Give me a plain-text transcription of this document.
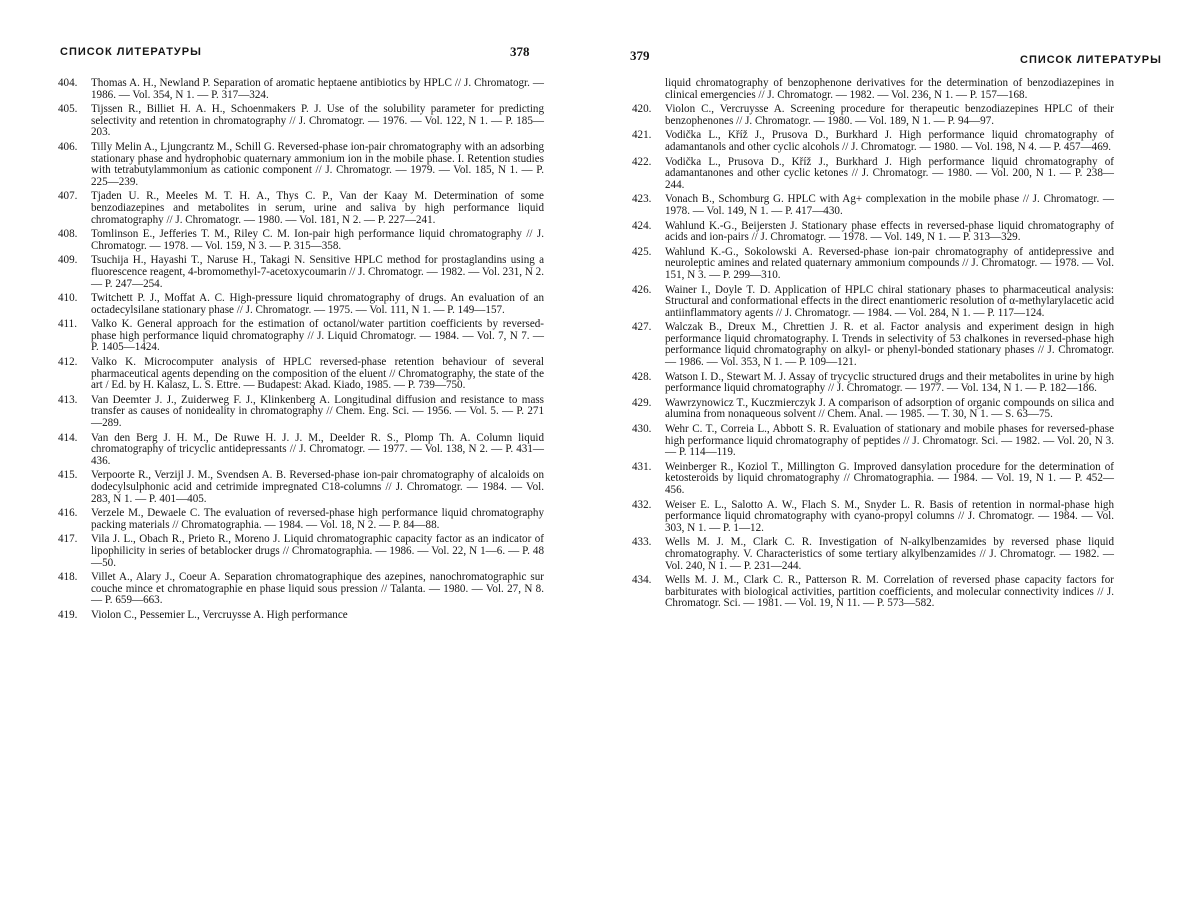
СПИСОК ЛИТЕРАТУРЫ	378
404. Thomas A. H., Newland P. Separation of aromatic heptaene antibiotics by HPLC // J. Chromatogr. — 1986. — Vol. 354, N 1. — P. 317—324.
405. Tijssen R., Billiet H. A. H., Schoenmakers P. J. Use of the solubility parameter for predicting selectivity and retention in chromatography // J. Chromatogr. — 1976. — Vol. 122, N 1. — P. 185—203.
406. Tilly Melin A., Ljungcrantz M., Schill G. Reversed-phase ion-pair chromatography with an adsorbing stationary phase and hydrophobic quaternary ammonium ion in the mobile phase. I. Retention studies with tetrabutylammonium as cationic component // J. Chromatogr. — 1979. — Vol. 185, N 1. — P. 225—239.
407. Tjaden U. R., Meeles M. T. H. A., Thys C. P., Van der Kaay M. Determination of some benzodiazepines and metabolites in serum, urine and saliva by high performance liquid chromatography // J. Chromatogr. — 1980. — Vol. 181, N 2. — P. 227—241.
408. Tomlinson E., Jefferies T. M., Riley C. M. Ion-pair high performance liquid chromatography // J. Chromatogr. — 1978. — Vol. 159, N 3. — P. 315—358.
409. Tsuchija H., Hayashi T., Naruse H., Takagi N. Sensitive HPLC method for prostaglandins using a fluorescence reagent, 4-bromomethyl-7-acetoxycoumarin // J. Chromatogr. — 1982. — Vol. 231, N 2. — P. 247—254.
410. Twitchett P. J., Moffat A. C. High-pressure liquid chromatography of drugs. An evaluation of an octadecylsilane stationary phase // J. Chromatogr. — 1975. — Vol. 111, N 1. — P. 149—157.
411. Valko K. General approach for the estimation of octanol/water partition coefficients by reversed-phase high performance liquid chromatography // J. Liquid Chromatogr. — 1984. — Vol. 7, N 7. — P. 1405—1424.
412. Valko K. Microcomputer analysis of HPLC reversed-phase retention behaviour of several pharmaceutical agents depending on the composition of the eluent // Chromatography, the state of the art / Ed. by H. Kalasz, L. S. Ettre. — Budapest: Akad. Kiado, 1985. — P. 739—750.
413. Van Deemter J. J., Zuiderweg F. J., Klinkenberg A. Longitudinal diffusion and resistance to mass transfer as causes of nonideality in chromatography // Chem. Eng. Sci. — 1956. — Vol. 5. — P. 271—289.
414. Van den Berg J. H. M., De Ruwe H. J. J. M., Deelder R. S., Plomp Th. A. Column liquid chromatography of tricyclic antidepressants // J. Chromatogr. — 1977. — Vol. 138, N 2. — P. 431—436.
415. Verpoorte R., Verzijl J. M., Svendsen A. B. Reversed-phase ion-pair chromatography of alcaloids on dodecylsulphonic acid and cetrimide impregnated C18-columns // J. Chromatogr. — 1984. — Vol. 283, N 1. — P. 401—405.
416. Verzele M., Dewaele C. The evaluation of reversed-phase high performance liquid chromatography packing materials // Chromatographia. — 1984. — Vol. 18, N 2. — P. 84—88.
417. Vila J. L., Obach R., Prieto R., Moreno J. Liquid chromatographic capacity factor as an indicator of lipophilicity in series of betablocker drugs // Chromatographia. — 1986. — Vol. 22, N 1—6. — P. 48—50.
418. Villet A., Alary J., Coeur A. Separation chromatographique des azepines, nanochromatographic sur couche mince et chromatographie en phase liquid sous pression // Talanta. — 1980. — Vol. 27, N 8. — P. 659—663.
419. Violon C., Pessemier L., Vercruysse A. High performance
379	СПИСОК ЛИТЕРАТУРЫ
liquid chromatography of benzophenone derivatives for the determination of benzodiazepines in clinical emergencies // J. Chromatogr. — 1982. — Vol. 236, N 1. — P. 157—168.
420. Violon C., Vercruysse A. Screening procedure for therapeutic benzodiazepines HPLC of their benzophenones // J. Chromatogr. — 1980. — Vol. 189, N 1. — P. 94—97.
421. Vodička L., Kříž J., Prusova D., Burkhard J. High performance liquid chromatography of adamantanols and other cyclic alcohols // J. Chromatogr. — 1980. — Vol. 198, N 4. — P. 457—469.
422. Vodička L., Prusova D., Kříž J., Burkhard J. High performance liquid chromatography of adamantanones and other cyclic ketones // J. Chromatogr. — 1980. — Vol. 200, N 1. — P. 238—244.
423. Vonach B., Schomburg G. HPLC with Ag+ complexation in the mobile phase // J. Chromatogr. — 1978. — Vol. 149, N 1. — P. 417—430.
424. Wahlund K.-G., Beijersten J. Stationary phase effects in reversed-phase liquid chromatography of acids and ion-pairs // J. Chromatogr. — 1978. — Vol. 149, N 1. — P. 313—329.
425. Wahlund K.-G., Sokolowski A. Reversed-phase ion-pair chromatography of antidepressive and neuroleptic amines and related quaternary ammonium compounds // J. Chromatogr. — 1978. — Vol. 151, N 3. — P. 299—310.
426. Wainer I., Doyle T. D. Application of HPLC chiral stationary phases to pharmaceutical analysis: Structural and conformational effects in the direct enantiomeric resolution of α-methylarylacetic acid antiinflammatory agents // J. Chromatogr. — 1984. — Vol. 284, N 1. — P. 117—124.
427. Walczak B., Dreux M., Chrettien J. R. et al. Factor analysis and experiment design in high performance liquid chromatography. I. Trends in selectivity of 53 chalkones in reversed-phase high performance liquid chromatography on alkyl- or phenyl-bonded stationary phases // J. Chromatogr. — 1986. — Vol. 353, N 1. — P. 109—121.
428. Watson I. D., Stewart M. J. Assay of trycyclic structured drugs and their metabolites in urine by high performance liquid chromatography // J. Chromatogr. — 1977. — Vol. 134, N 1. — P. 182—186.
429. Wawrzynowicz T., Kuczmierczyk J. A comparison of adsorption of organic compounds on silica and alumina from nonaqueous solvent // Chem. Anal. — 1985. — T. 30, N 1. — S. 63—75.
430. Wehr C. T., Correia L., Abbott S. R. Evaluation of stationary and mobile phases for reversed-phase high performance liquid chromatography of peptides // J. Chromatogr. Sci. — 1982. — Vol. 20, N 3. — P. 114—119.
431. Weinberger R., Koziol T., Millington G. Improved dansylation procedure for the determination of ketosteroids by liquid chromatography // Chromatographia. — 1984. — Vol. 19, N 1. — P. 452—456.
432. Weiser E. L., Salotto A. W., Flach S. M., Snyder L. R. Basis of retention in normal-phase high performance liquid chromatography with cyano-propyl columns // J. Chromatogr. — 1984. — Vol. 303, N 1. — P. 1—12.
433. Wells M. J. M., Clark C. R. Investigation of N-alkylbenzamides by reversed phase liquid chromatography. V. Characteristics of some tertiary alkylbenzamides // J. Chromatogr. — 1982. — Vol. 240, N 1. — P. 231—244.
434. Wells M. J. M., Clark C. R., Patterson R. M. Correlation of reversed phase capacity factors for barbiturates with biological activities, partition coefficients, and molecular connectivity indices // J. Chromatogr. Sci. — 1981. — Vol. 19, N 11. — P. 573—582.
